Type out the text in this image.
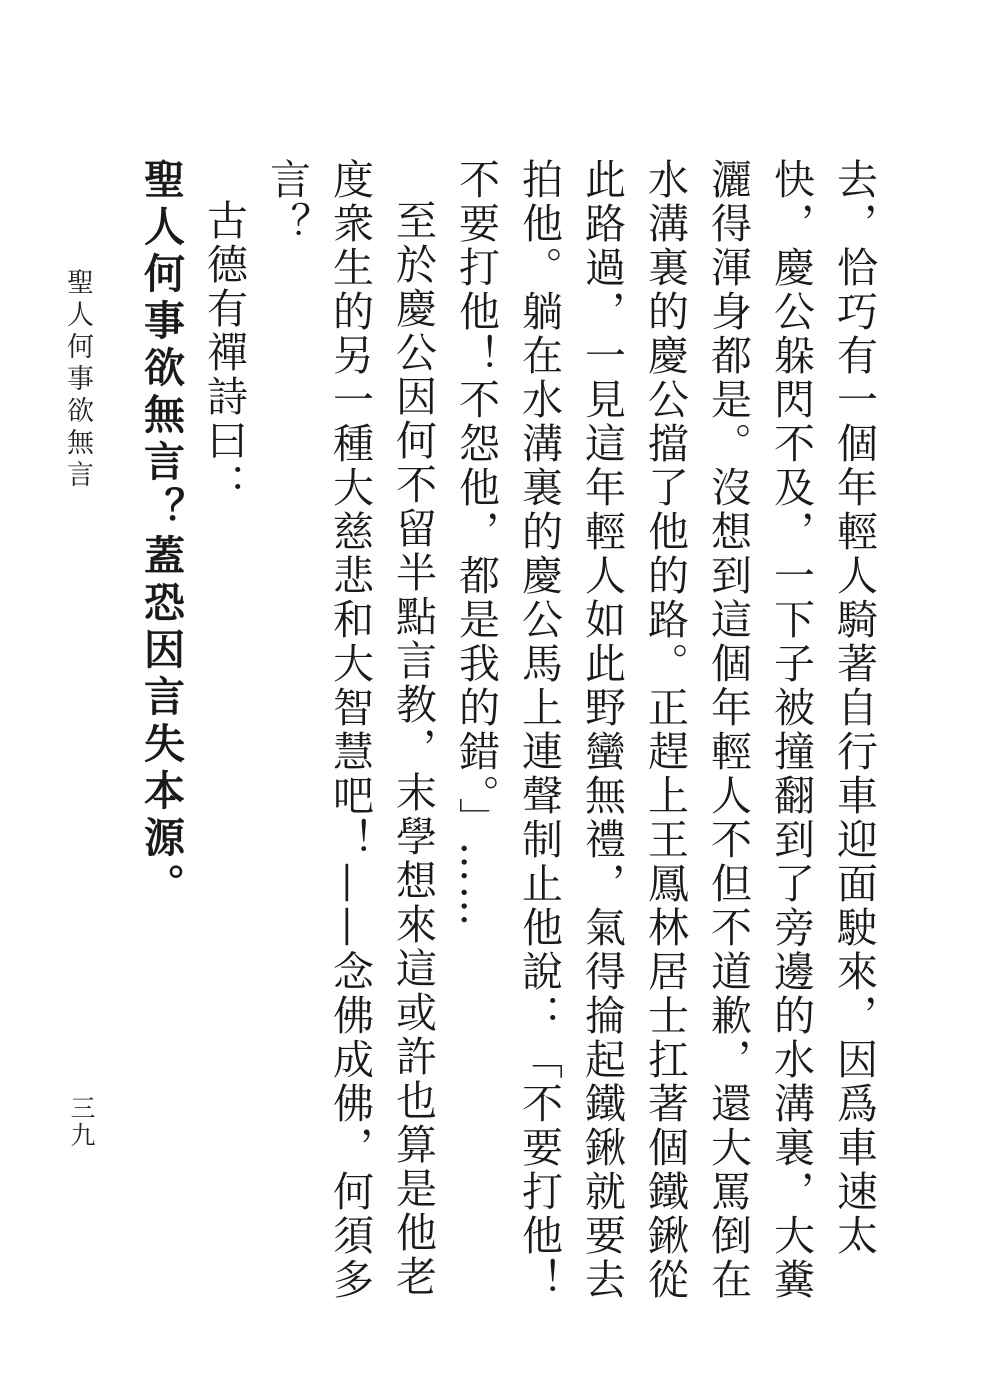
去，恰巧有一個年輕人騎著自行車迎面駛來，因爲車速太快，慶公躲閃不及，一下子被撞翻到了旁邊的水溝裏，大糞灑得渾身都是。沒想到這個年輕人不但不道歉，還大罵倒在水溝裏的慶公擋了他的路。正趕上王鳳林居士扛著個鐵鍬從此路過，一見這年輕人如此野蠻無禮，氣得掄起鐵鍬就要去拍他。躺在水溝裏的慶公馬上連聲制止他說：「不要打他！不要打他！不怨他，都是我的錯。」……

至於慶公因何不留半點言教，末學想來這或許也算是他老度衆生的另一種大慈悲和大智慧吧！——念佛成佛，何須多言？

古德有禪詩曰：

聖人何事欲無言？蓋恐因言失本源。

聖人何事欲無言
三九
